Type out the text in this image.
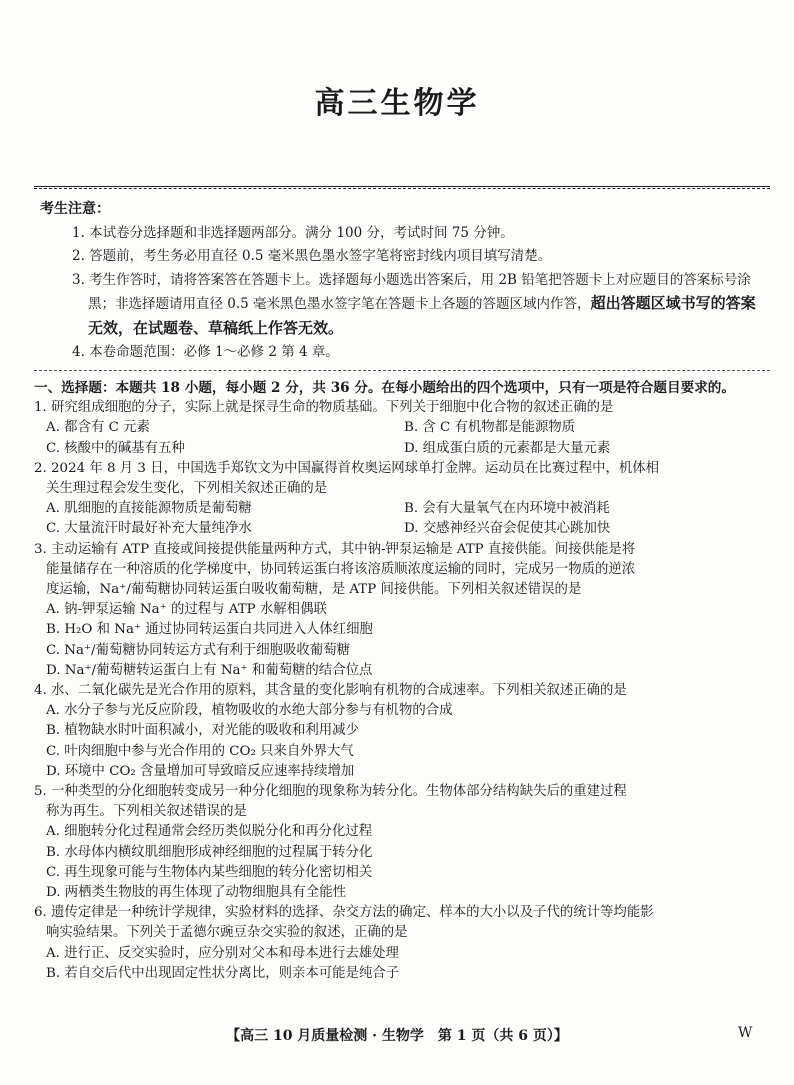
高三生物学
考生注意：
1. 本试卷分选择题和非选择题两部分。满分 100 分，考试时间 75 分钟。
2. 答题前，考生务必用直径 0.5 毫米黑色墨水签字笔将密封线内项目填写清楚。
3. 考生作答时，请将答案答在答题卡上。选择题每小题选出答案后，用 2B 铅笔把答题卡上对应题目的答案标号涂黑；非选择题请用直径 0.5 毫米黑色墨水签字笔在答题卡上各题的答题区域内作答，超出答题区域书写的答案无效，在试题卷、草稿纸上作答无效。
4. 本卷命题范围：必修 1～必修 2 第 4 章。
一、选择题：本题共 18 小题，每小题 2 分，共 36 分。在每小题给出的四个选项中，只有一项是符合题目要求的。
1. 研究组成细胞的分子，实际上就是探寻生命的物质基础。下列关于细胞中化合物的叙述正确的是
A. 都含有 C 元素	B. 含 C 有机物都是能源物质
C. 核酸中的碱基有五种	D. 组成蛋白质的元素都是大量元素
2. 2024 年 8 月 3 日，中国选手郑钦文为中国赢得首枚奥运网球单打金牌。运动员在比赛过程中，机体相
关生理过程会发生变化，下列相关叙述正确的是
A. 肌细胞的直接能源物质是葡萄糖	B. 会有大量氧气在内环境中被消耗
C. 大量流汗时最好补充大量纯净水	D. 交感神经兴奋会促使其心跳加快
3. 主动运输有 ATP 直接或间接提供能量两种方式，其中钠-钾泵运输是 ATP 直接供能。间接供能是将
能量储存在一种溶质的化学梯度中，协同转运蛋白将该溶质顺浓度运输的同时，完成另一物质的逆浓
度运输，Na⁺/葡萄糖协同转运蛋白吸收葡萄糖，是 ATP 间接供能。下列相关叙述错误的是
A. 钠-钾泵运输 Na⁺ 的过程与 ATP 水解相偶联
B. H₂O 和 Na⁺ 通过协同转运蛋白共同进入人体红细胞
C. Na⁺/葡萄糖协同转运方式有利于细胞吸收葡萄糖
D. Na⁺/葡萄糖转运蛋白上有 Na⁺ 和葡萄糖的结合位点
4. 水、二氧化碳先是光合作用的原料，其含量的变化影响有机物的合成速率。下列相关叙述正确的是
A. 水分子参与光反应阶段，植物吸收的水绝大部分参与有机物的合成
B. 植物缺水时叶面积减小，对光能的吸收和利用减少
C. 叶肉细胞中参与光合作用的 CO₂ 只来自外界大气
D. 环境中 CO₂ 含量增加可导致暗反应速率持续增加
5. 一种类型的分化细胞转变成另一种分化细胞的现象称为转分化。生物体部分结构缺失后的重建过程
称为再生。下列相关叙述错误的是
A. 细胞转分化过程通常会经历类似脱分化和再分化过程
B. 水母体内横纹肌细胞形成神经细胞的过程属于转分化
C. 再生现象可能与生物体内某些细胞的转分化密切相关
D. 两栖类生物肢的再生体现了动物细胞具有全能性
6. 遗传定律是一种统计学规律，实验材料的选择、杂交方法的确定、样本的大小以及子代的统计等均能影
响实验结果。下列关于孟德尔豌豆杂交实验的叙述，正确的是
A. 进行正、反交实验时，应分别对父本和母本进行去雄处理
B. 若自交后代中出现固定性状分离比，则亲本可能是纯合子
【高三 10 月质量检测 · 生物学　第 1 页（共 6 页）】	W
